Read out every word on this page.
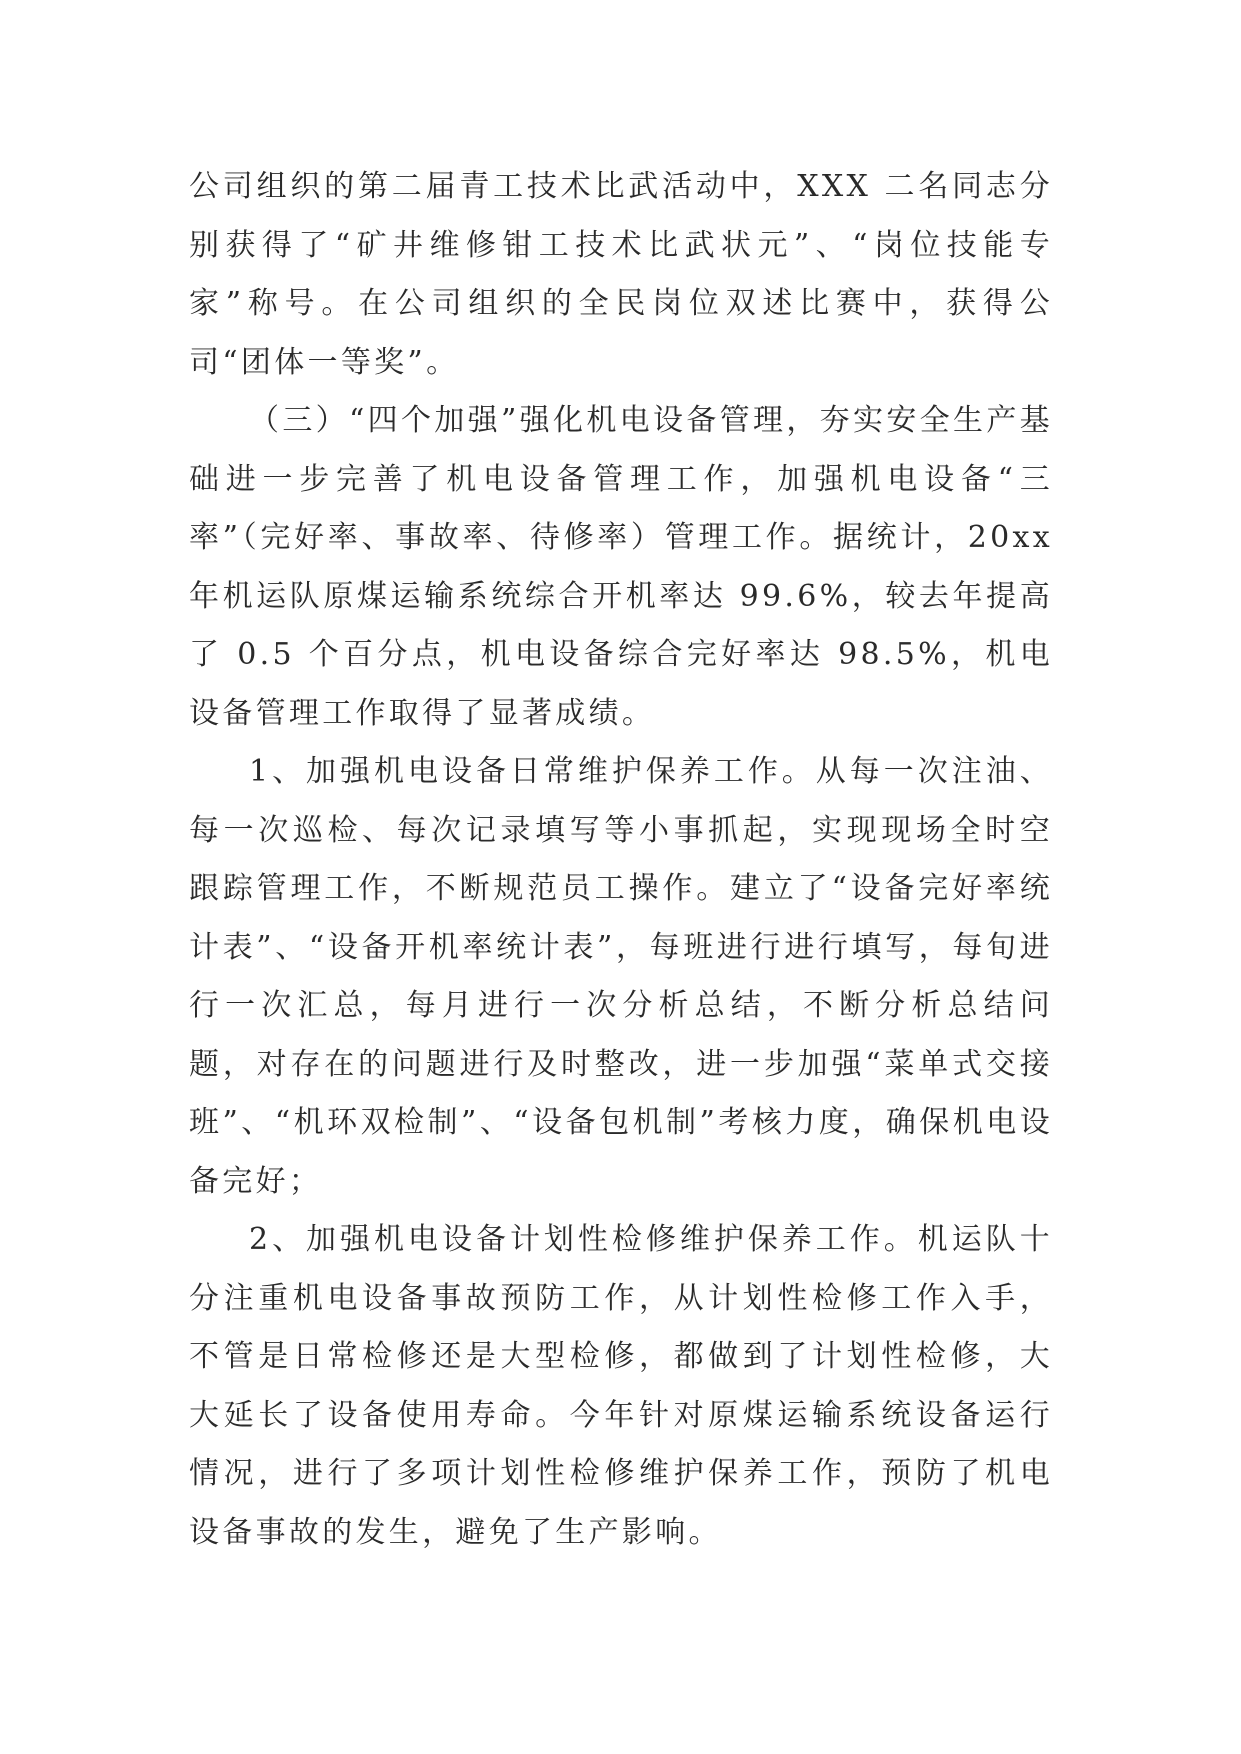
公司组织的第二届青工技术比武活动中，XXX 二名同志分别获得了“矿井维修钳工技术比武状元”、“岗位技能专家”称号。在公司组织的全民岗位双述比赛中，获得公司“团体一等奖”。

（三）“四个加强”强化机电设备管理，夯实安全生产基础进一步完善了机电设备管理工作，加强机电设备“三率”（完好率、事故率、待修率）管理工作。据统计，20xx 年机运队原煤运输系统综合开机率达 99.6%，较去年提高了 0.5 个百分点，机电设备综合完好率达 98.5%，机电设备管理工作取得了显著成绩。

1、加强机电设备日常维护保养工作。从每一次注油、每一次巡检、每次记录填写等小事抓起，实现现场全时空跟踪管理工作，不断规范员工操作。建立了“设备完好率统计表”、“设备开机率统计表”，每班进行进行填写，每旬进行一次汇总，每月进行一次分析总结，不断分析总结问题，对存在的问题进行及时整改，进一步加强“菜单式交接班”、“机环双检制”、“设备包机制”考核力度，确保机电设备完好；

2、加强机电设备计划性检修维护保养工作。机运队十分注重机电设备事故预防工作，从计划性检修工作入手，不管是日常检修还是大型检修，都做到了计划性检修，大大延长了设备使用寿命。今年针对原煤运输系统设备运行情况，进行了多项计划性检修维护保养工作，预防了机电设备事故的发生，避免了生产影响。
